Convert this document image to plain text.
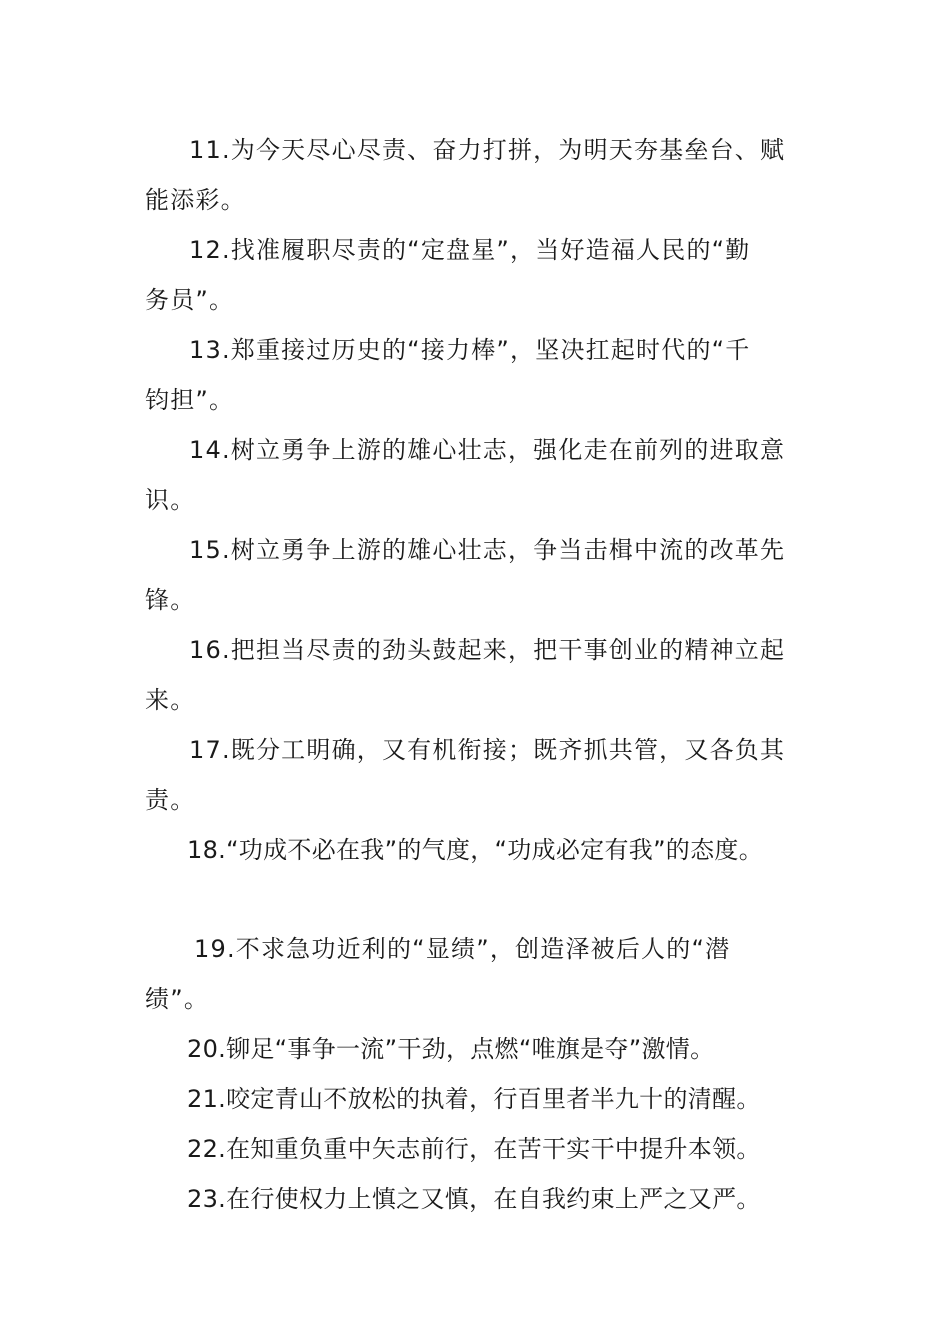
11.为今天尽心尽责、奋力打拼，为明天夯基垒台、赋
能添彩。
12.找准履职尽责的“定盘星”，当好造福人民的“勤
务员”。
13.郑重接过历史的“接力棒”，坚决扛起时代的“千
钧担”。
14.树立勇争上游的雄心壮志，强化走在前列的进取意
识。
15.树立勇争上游的雄心壮志，争当击楫中流的改革先
锋。
16.把担当尽责的劲头鼓起来，把干事创业的精神立起
来。
17.既分工明确，又有机衔接；既齐抓共管，又各负其
责。
18.“功成不必在我”的气度，“功成必定有我”的态度。
19.不求急功近利的“显绩”，创造泽被后人的“潜
绩”。
20.铆足“事争一流”干劲，点燃“唯旗是夺”激情。
21.咬定青山不放松的执着，行百里者半九十的清醒。
22.在知重负重中矢志前行，在苦干实干中提升本领。
23.在行使权力上慎之又慎，在自我约束上严之又严。
